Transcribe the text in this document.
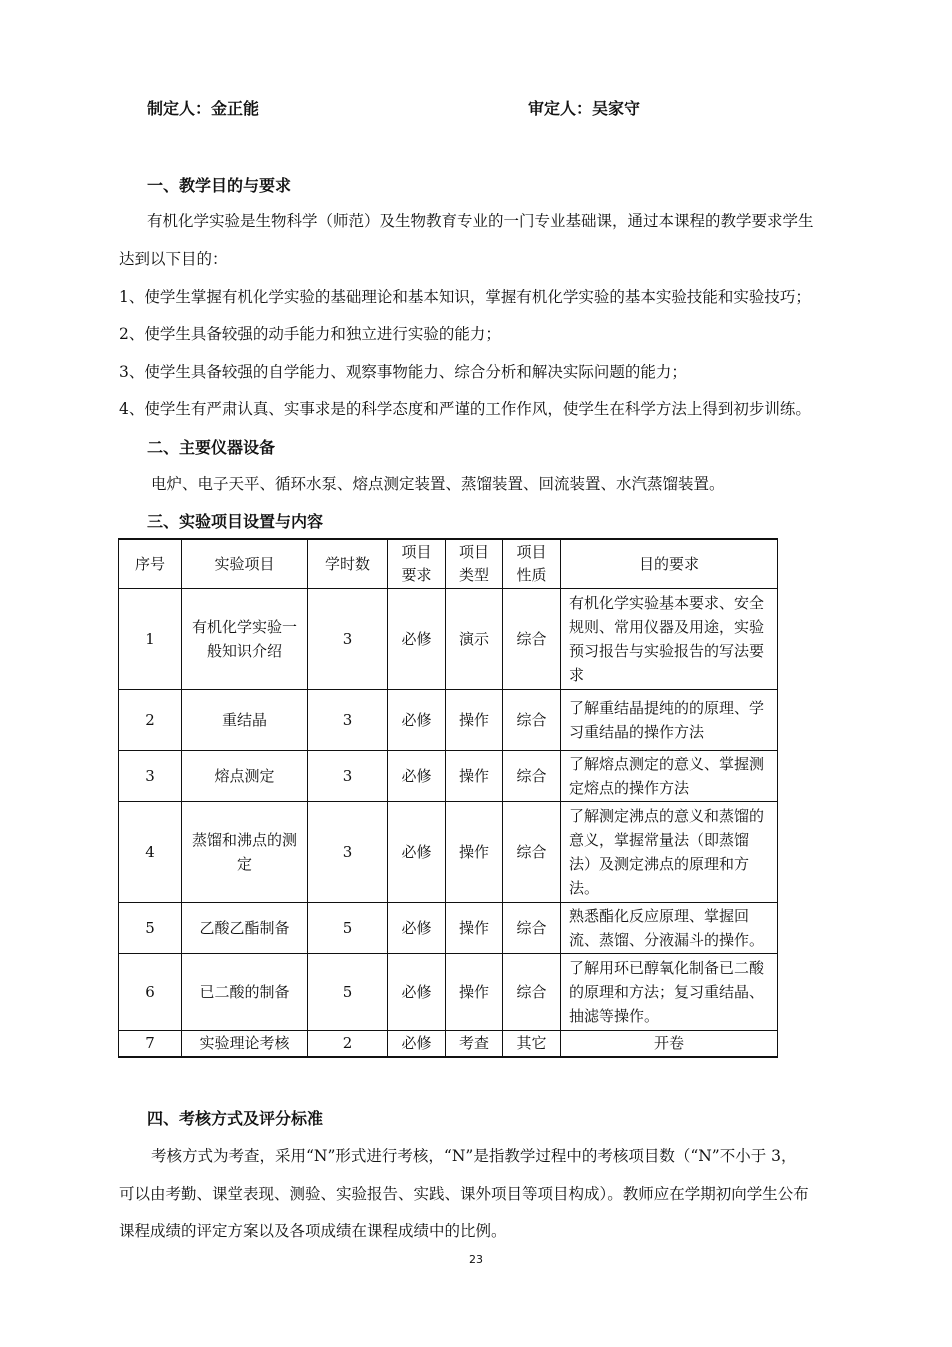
制定人：金正能	审定人：吴家守
一、教学目的与要求
有机化学实验是生物科学（师范）及生物教育专业的一门专业基础课，通过本课程的教学要求学生
达到以下目的：
1、使学生掌握有机化学实验的基础理论和基本知识，掌握有机化学实验的基本实验技能和实验技巧；
2、使学生具备较强的动手能力和独立进行实验的能力；
3、使学生具备较强的自学能力、观察事物能力、综合分析和解决实际问题的能力；
4、使学生有严肃认真、实事求是的科学态度和严谨的工作作风，使学生在科学方法上得到初步训练。
二、主要仪器设备
电炉、电子天平、循环水泵、熔点测定装置、蒸馏装置、回流装置、水汽蒸馏装置。
三、实验项目设置与内容
序号	实验项目	学时数	项目要求	项目类型	项目性质	目的要求
1	有机化学实验一般知识介绍	3	必修	演示	综合	有机化学实验基本要求、安全规则、常用仪器及用途，实验预习报告与实验报告的写法要求
2	重结晶	3	必修	操作	综合	了解重结晶提纯的的原理、学习重结晶的操作方法
3	熔点测定	3	必修	操作	综合	了解熔点测定的意义、掌握测定熔点的操作方法
4	蒸馏和沸点的测定	3	必修	操作	综合	了解测定沸点的意义和蒸馏的意义，掌握常量法（即蒸馏法）及测定沸点的原理和方法。
5	乙酸乙酯制备	5	必修	操作	综合	熟悉酯化反应原理、掌握回流、蒸馏、分液漏斗的操作。
6	已二酸的制备	5	必修	操作	综合	了解用环已醇氧化制备已二酸的原理和方法；复习重结晶、抽滤等操作。
7	实验理论考核	2	必修	考查	其它	开卷
四、考核方式及评分标准
考核方式为考查，采用“N”形式进行考核，“N”是指教学过程中的考核项目数（“N”不小于 3，
可以由考勤、课堂表现、测验、实验报告、实践、课外项目等项目构成）。教师应在学期初向学生公布
课程成绩的评定方案以及各项成绩在课程成绩中的比例。
23
